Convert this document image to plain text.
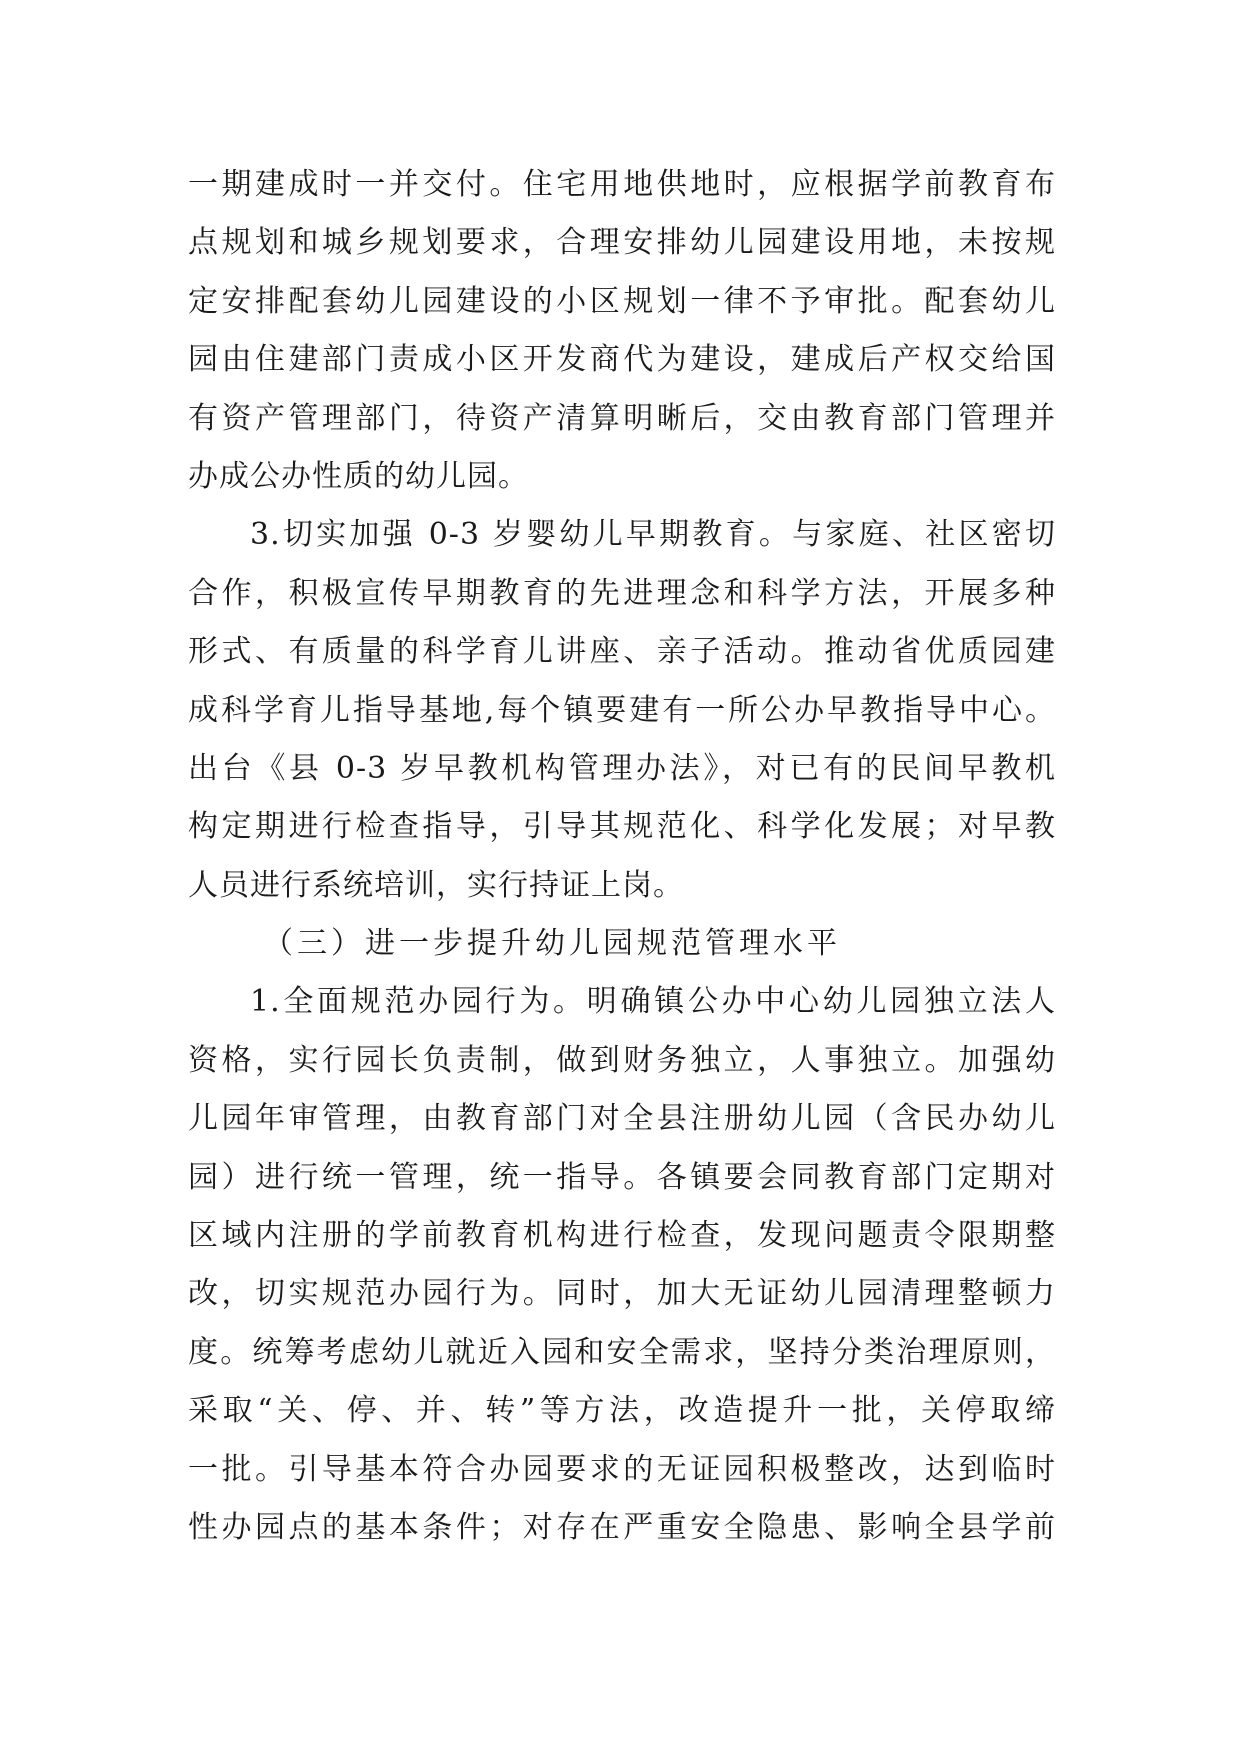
一期建成时一并交付。住宅用地供地时，应根据学前教育布
点规划和城乡规划要求，合理安排幼儿园建设用地，未按规
定安排配套幼儿园建设的小区规划一律不予审批。配套幼儿
园由住建部门责成小区开发商代为建设，建成后产权交给国
有资产管理部门，待资产清算明晰后，交由教育部门管理并
办成公办性质的幼儿园。
3.切实加强 0-3 岁婴幼儿早期教育。与家庭、社区密切
合作，积极宣传早期教育的先进理念和科学方法，开展多种
形式、有质量的科学育儿讲座、亲子活动。推动省优质园建
成科学育儿指导基地,每个镇要建有一所公办早教指导中心。
出台《县 0-3 岁早教机构管理办法》，对已有的民间早教机
构定期进行检查指导，引导其规范化、科学化发展；对早教
人员进行系统培训，实行持证上岗。
（三）进一步提升幼儿园规范管理水平
1.全面规范办园行为。明确镇公办中心幼儿园独立法人
资格，实行园长负责制，做到财务独立，人事独立。加强幼
儿园年审管理，由教育部门对全县注册幼儿园（含民办幼儿
园）进行统一管理，统一指导。各镇要会同教育部门定期对
区域内注册的学前教育机构进行检查，发现问题责令限期整
改，切实规范办园行为。同时，加大无证幼儿园清理整顿力
度。统筹考虑幼儿就近入园和安全需求，坚持分类治理原则，
采取“关、停、并、转”等方法，改造提升一批，关停取缔
一批。引导基本符合办园要求的无证园积极整改，达到临时
性办园点的基本条件；对存在严重安全隐患、影响全县学前
